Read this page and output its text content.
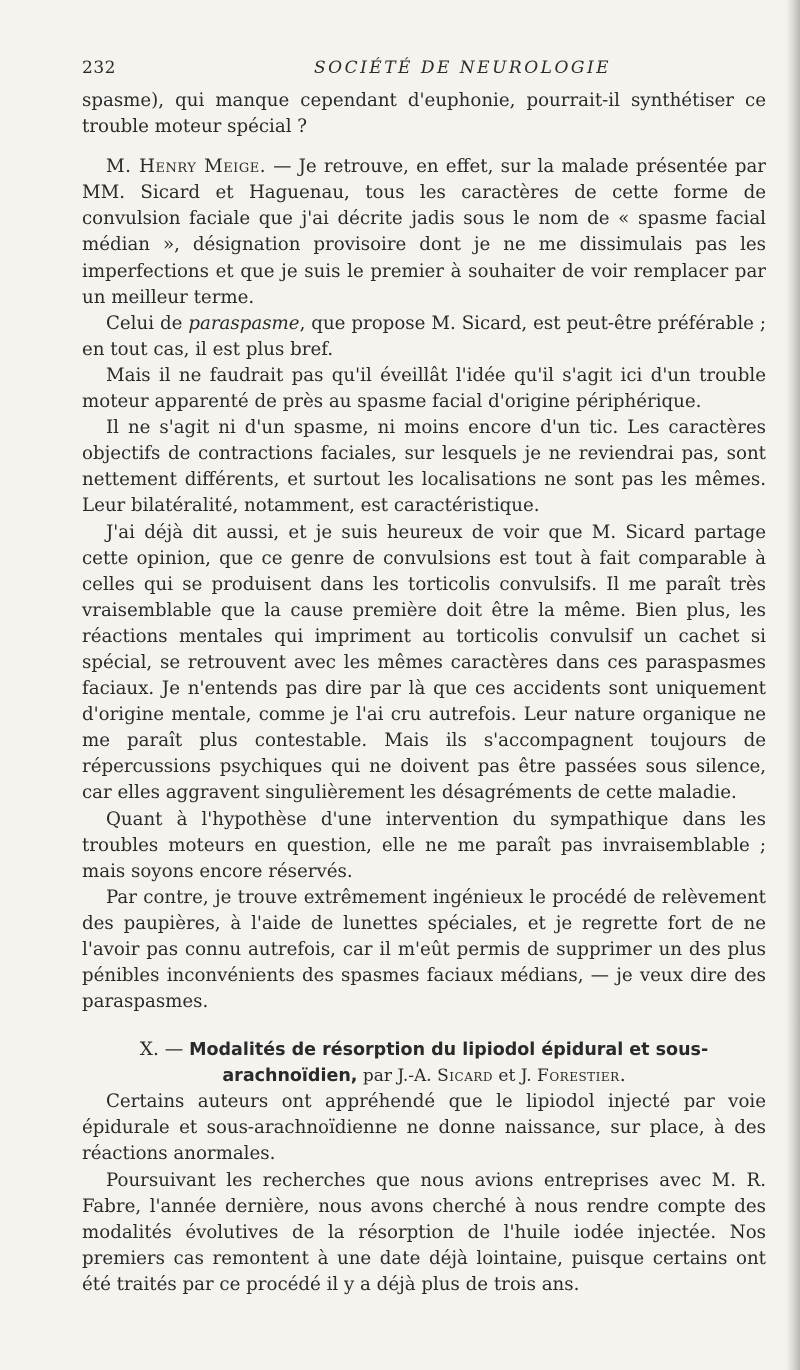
232	SOCIÉTÉ DE NEUROLOGIE

spasme), qui manque cependant d'euphonie, pourrait-il synthétiser ce trouble moteur spécial ?

M. Henry Meige. — Je retrouve, en effet, sur la malade présentée par MM. Sicard et Haguenau, tous les caractères de cette forme de convulsion faciale que j'ai décrite jadis sous le nom de « spasme facial médian », désignation provisoire dont je ne me dissimulais pas les imperfections et que je suis le premier à souhaiter de voir remplacer par un meilleur terme.

Celui de paraspasme, que propose M. Sicard, est peut-être préférable ; en tout cas, il est plus bref.

Mais il ne faudrait pas qu'il éveillât l'idée qu'il s'agit ici d'un trouble moteur apparenté de près au spasme facial d'origine périphérique.

Il ne s'agit ni d'un spasme, ni moins encore d'un tic. Les caractères objectifs de contractions faciales, sur lesquels je ne reviendrai pas, sont nettement différents, et surtout les localisations ne sont pas les mêmes. Leur bilatéralité, notamment, est caractéristique.

J'ai déjà dit aussi, et je suis heureux de voir que M. Sicard partage cette opinion, que ce genre de convulsions est tout à fait comparable à celles qui se produisent dans les torticolis convulsifs. Il me paraît très vraisemblable que la cause première doit être la même. Bien plus, les réactions mentales qui impriment au torticolis convulsif un cachet si spécial, se retrouvent avec les mêmes caractères dans ces paraspasmes faciaux. Je n'entends pas dire par là que ces accidents sont uniquement d'origine mentale, comme je l'ai cru autrefois. Leur nature organique ne me paraît plus contestable. Mais ils s'accompagnent toujours de répercussions psychiques qui ne doivent pas être passées sous silence, car elles aggravent singulièrement les désagréments de cette maladie.

Quant à l'hypothèse d'une intervention du sympathique dans les troubles moteurs en question, elle ne me paraît pas invraisemblable ; mais soyons encore réservés.

Par contre, je trouve extrêmement ingénieux le procédé de relèvement des paupières, à l'aide de lunettes spéciales, et je regrette fort de ne l'avoir pas connu autrefois, car il m'eût permis de supprimer un des plus pénibles inconvénients des spasmes faciaux médians, — je veux dire des paraspasmes.

X. — Modalités de résorption du lipiodol épidural et sous-arachnoïdien, par J.-A. Sicard et J. Forestier.

Certains auteurs ont appréhendé que le lipiodol injecté par voie épidurale et sous-arachnoïdienne ne donne naissance, sur place, à des réactions anormales.

Poursuivant les recherches que nous avions entreprises avec M. R. Fabre, l'année dernière, nous avons cherché à nous rendre compte des modalités évolutives de la résorption de l'huile iodée injectée. Nos premiers cas remontent à une date déjà lointaine, puisque certains ont été traités par ce procédé il y a déjà plus de trois ans.
